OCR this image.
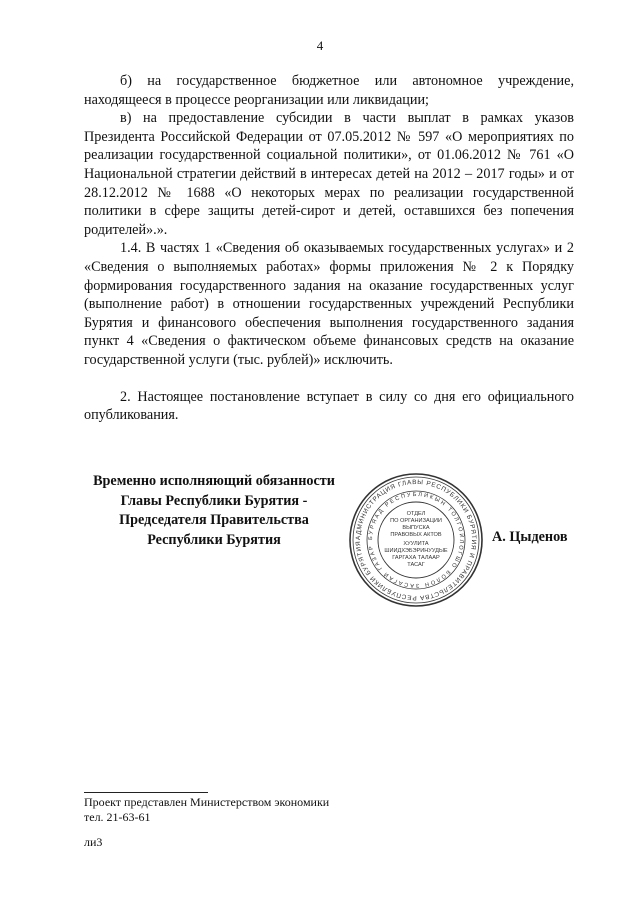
4

б) на государственное бюджетное или автономное учреждение, находящееся в процессе реорганизации или ликвидации;

в) на предоставление субсидии в части выплат в рамках указов Президента Российской Федерации от 07.05.2012 № 597 «О мероприятиях по реализации государственной социальной политики», от 01.06.2012 № 761 «О Национальной стратегии действий в интересах детей на 2012 – 2017 годы» и от 28.12.2012 № 1688 «О некоторых мерах по реализации государственной политики в сфере защиты детей-сирот и детей, оставшихся без попечения родителей».».

1.4. В частях 1 «Сведения об оказываемых государственных услугах» и 2 «Сведения о выполняемых работах» формы приложения № 2 к Порядку формирования государственного задания на оказание государственных услуг (выполнение работ) в отношении государственных учреждений Республики Бурятия и финансового обеспечения выполнения государственного задания пункт 4 «Сведения о фактическом объеме финансовых средств на оказание государственной услуги (тыс. рублей)» исключить.

2. Настоящее постановление вступает в силу со дня его официального опубликования.

Временно исполняющий обязанности
Главы Республики Бурятия -
Председателя Правительства
Республики Бурятия	АДМИНИСТРАЦИЯ ГЛАВЫ РЕСПУБЛИКИ БУРЯТИЯ И ПРАВИТЕЛЬСТВА РЕСПУБЛИКИ БУРЯТИЯ
БУРЯАД РЕСПУБЛИКЫН ТОЛГОЙЛОГШО БОЛОН ЗАСАГАЙ ГАЗАР
ОТДЕЛ
ПО ОРГАНИЗАЦИИ
ВЫПУСКА
ПРАВОВЫХ АКТОВ
ХУУЛИТА
ШИИДХЭБЭРИНУУДЫЕ
ГАРГАХА ТАЛААР
ТАСАГ
А. Цыденов
Проект представлен Министерством экономики
тел. 21-63-61
ли3
